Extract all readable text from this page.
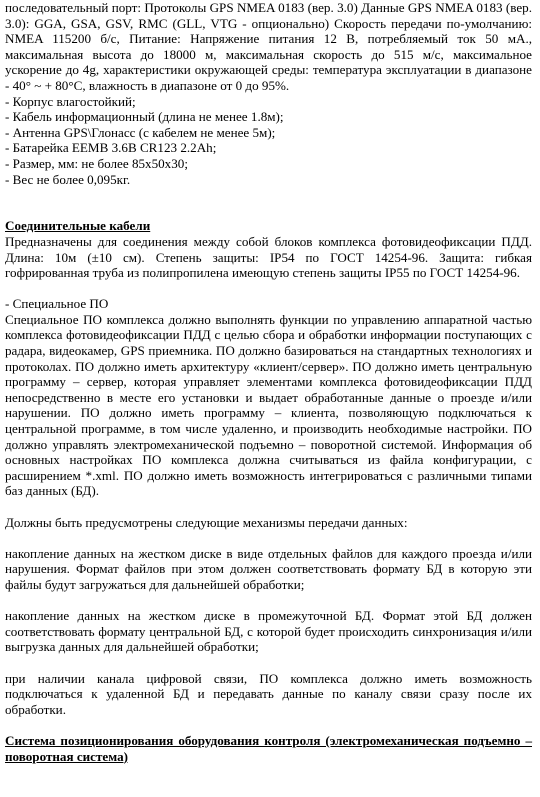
последовательный порт: Протоколы GPS NMEA 0183 (вер. 3.0) Данные GPS NMEA 0183 (вер. 3.0): GGA, GSA, GSV, RMC (GLL, VTG - опционально) Скорость передачи по-умолчанию: NMEA 115200 б/с, Питание: Напряжение питания 12 В, потребляемый ток 50 мА., максимальная высота до 18000 м, максимальная скорость до 515 м/с, максимальное ускорение до 4g, характеристики окружающей среды: температура эксплуатации в диапазоне - 40° ~ + 80°С, влажность в диапазоне от 0 до 95%.

- Корпус влагостойкий;

- Кабель информационный (длина не менее 1.8м);

- Антенна GPS\Глонасс (с кабелем не менее 5м);

- Батарейка EEMB 3.6В CR123 2.2Ah;

- Размер, мм: не более 85х50х30;

- Вес не более 0,095кг.

Соединительные кабели

Предназначены для соединения между собой блоков комплекса фотовидеофиксации ПДД. Длина: 10м (±10 см). Степень защиты: IP54 по ГОСТ 14254-96. Защита: гибкая гофрированная труба из полипропилена имеющую степень защиты IP55 по ГОСТ 14254-96.

- Специальное ПО

Специальное ПО комплекса должно выполнять функции по управлению аппаратной частью комплекса фотовидеофиксации ПДД с целью сбора и обработки информации поступающих с радара, видеокамер, GPS приемника. ПО должно базироваться на стандартных технологиях и протоколах. ПО должно иметь архитектуру «клиент/сервер». ПО должно иметь центральную программу – сервер, которая управляет элементами комплекса фотовидеофиксации ПДД непосредственно в месте его установки и выдает обработанные данные о проезде и/или нарушении. ПО должно иметь программу – клиента, позволяющую подключаться к центральной программе, в том числе удаленно, и производить необходимые настройки. ПО должно управлять электромеханической подъемно – поворотной системой. Информация об основных настройках ПО комплекса должна считываться из файла конфигурации, с расширением *.xml. ПО должно иметь возможность интегрироваться с различными типами баз данных (БД).

Должны быть предусмотрены следующие механизмы передачи данных:

накопление данных на жестком диске в виде отдельных файлов для каждого проезда и/или нарушения. Формат файлов при этом должен соответствовать формату БД в которую эти файлы будут загружаться для дальнейшей обработки;

накопление данных на жестком диске в промежуточной БД. Формат этой БД должен соответствовать формату центральной БД, с которой будет происходить синхронизация и/или выгрузка данных для дальнейшей обработки;

при наличии канала цифровой связи, ПО комплекса должно иметь возможность подключаться к удаленной БД и передавать данные по каналу связи сразу после их обработки.

Система позиционирования оборудования контроля (электромеханическая подъемно – поворотная система)
